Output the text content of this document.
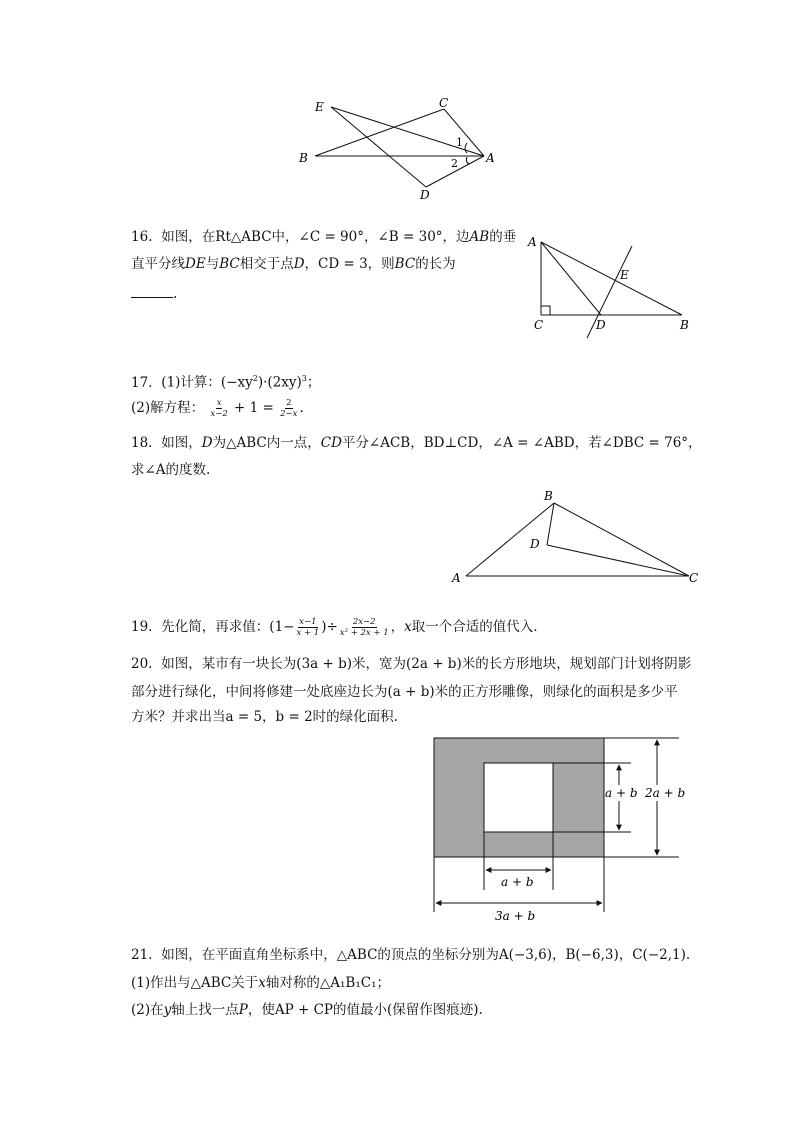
E	C
B	A
D
1
2
16. 如图，在Rt△ABC中，∠C = 90°，∠B = 30°，边AB的垂
直平分线DE与BC相交于点D，CD = 3，则BC的长为
.
A
E
C	D	B
17. (1)计算：$(-xy^2)\cdot(2xy)^3$；
(2)解方程： $\frac{x}{x-2} + 1 = \frac{2}{2-x}$ .
18. 如图，D为△ABC内一点，CD平分∠ACB，BD⊥CD，∠A = ∠ABD，若∠DBC = 76°，
求∠A的度数.
B
D
A	C
19. 先化简，再求值：($1- \frac{x-1}{x + 1}$ )÷ $\frac{2x-2}{\text{x² + 2x + 1}}$ ，x取一个合适的值代入.
20. 如图，某市有一块长为(3a + b)米，宽为(2a + b)米的长方形地块，规划部门计划将阴影
部分进行绿化，中间将修建一处底座边长为(a + b)米的正方形雕像，则绿化的面积是多少平
方米？并求出当a = 5，b = 2时的绿化面积.
a + b 2a + b
a + b
3a + b
21. 如图，在平面直角坐标系中，△ABC的顶点的坐标分别为A(−3,6)，B(−6,3)，C(−2,1).
(1)作出与△ABC关于x轴对称的△A₁B₁C₁；
(2)在y轴上找一点P，使AP + CP的值最小(保留作图痕迹).
